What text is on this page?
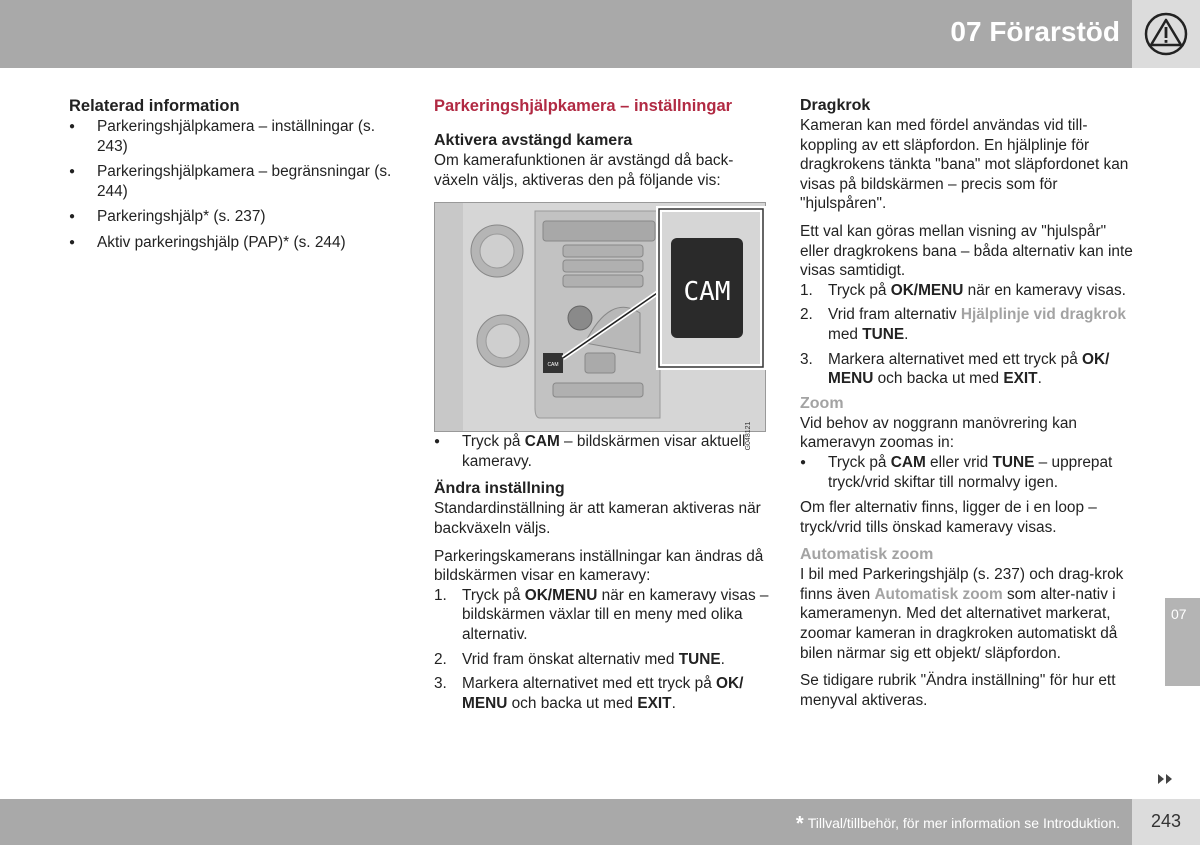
07 Förarstöd
Relaterad information
● Parkeringshjälpkamera – inställningar (s. 243)
● Parkeringshjälpkamera – begränsningar (s. 244)
● Parkeringshjälp* (s. 237)
● Aktiv parkeringshjälp (PAP)* (s. 244)
Parkeringshjälpkamera – inställningar
Aktivera avstängd kamera

Om kamerafunktionen är avstängd då back-växeln väljs, aktiveras den på följande vis:

CAM
CAM
G048121
● Tryck på CAM – bildskärmen visar aktuell kameravy.
Ändra inställning

Standardinställning är att kameran aktiveras när backväxeln väljs.

Parkeringskamerans inställningar kan ändras då bildskärmen visar en kameravy:

1. Tryck på OK/MENU när en kameravy visas – bildskärmen växlar till en meny med olika alternativ.
2. Vrid fram önskat alternativ med TUNE.
3. Markera alternativet med ett tryck på OK/ MENU och backa ut med EXIT.
Dragkrok

Kameran kan med fördel användas vid till-koppling av ett släpfordon. En hjälplinje för dragkrokens tänkta "bana" mot släpfordonet kan visas på bildskärmen – precis som för "hjulspåren".

Ett val kan göras mellan visning av "hjulspår" eller dragkrokens bana – båda alternativ kan inte visas samtidigt.

1. Tryck på OK/MENU när en kameravy visas.
2. Vrid fram alternativ Hjälplinje vid dragkrok med TUNE.
3. Markera alternativet med ett tryck på OK/ MENU och backa ut med EXIT.
Zoom

Vid behov av noggrann manövrering kan kameravyn zoomas in:

● Tryck på CAM eller vrid TUNE – upprepat tryck/vrid skiftar till normalvy igen.

Om fler alternativ finns, ligger de i en loop – tryck/vrid tills önskad kameravy visas.

Automatisk zoom

I bil med Parkeringshjälp (s. 237) och drag-krok finns även Automatisk zoom som alter-nativ i kameramenyn. Med det alternativet markerat, zoomar kameran in dragkroken automatiskt då bilen närmar sig ett objekt/ släpfordon.

Se tidigare rubrik "Ändra inställning" för hur ett menyval aktiveras.

07
* Tillval/tillbehör, för mer information se Introduktion.	243
